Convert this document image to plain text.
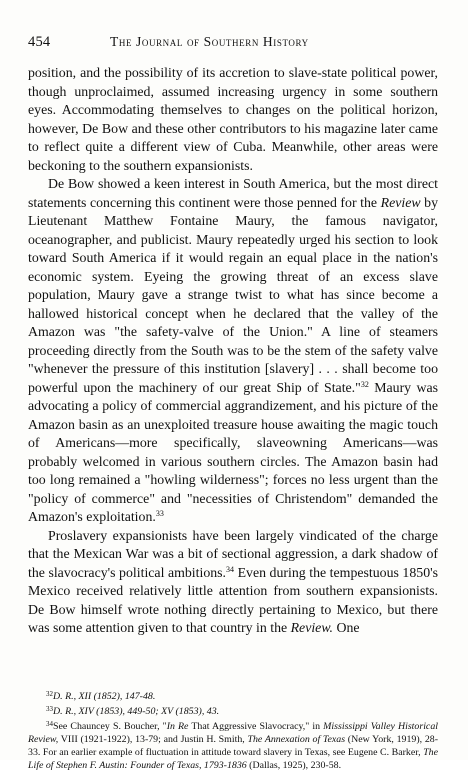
454	The Journal of Southern History

position, and the possibility of its accretion to slave-state political power, though unproclaimed, assumed increasing urgency in some southern eyes. Accommodating themselves to changes on the political horizon, however, De Bow and these other contributors to his magazine later came to reflect quite a different view of Cuba. Meanwhile, other areas were beckoning to the southern expansionists.

De Bow showed a keen interest in South America, but the most direct statements concerning this continent were those penned for the Review by Lieutenant Matthew Fontaine Maury, the famous navigator, oceanographer, and publicist. Maury repeatedly urged his section to look toward South America if it would regain an equal place in the nation's economic system. Eyeing the growing threat of an excess slave population, Maury gave a strange twist to what has since become a hallowed historical concept when he declared that the valley of the Amazon was "the safety-valve of the Union." A line of steamers proceeding directly from the South was to be the stem of the safety valve "whenever the pressure of this institution [slavery] . . . shall become too powerful upon the machinery of our great Ship of State."$^{32}$ Maury was advocating a policy of commercial aggrandizement, and his picture of the Amazon basin as an unexploited treasure house awaiting the magic touch of Americans—more specifically, slaveowning Americans—was probably welcomed in various southern circles. The Amazon basin had too long remained a "howling wilderness"; forces no less urgent than the "policy of commerce" and "necessities of Christendom" demanded the Amazon's exploitation.$^{33}$

Proslavery expansionists have been largely vindicated of the charge that the Mexican War was a bit of sectional aggression, a dark shadow of the slavocracy's political ambitions.$^{34}$ Even during the tempestuous 1850's Mexico received relatively little attention from southern expansionists. De Bow himself wrote nothing directly pertaining to Mexico, but there was some attention given to that country in the Review. One

$^{32}$D. R., XII (1852), 147-48.

$^{33}$D. R., XIV (1853), 449-50; XV (1853), 43.

$^{34}$See Chauncey S. Boucher, "In Re That Aggressive Slavocracy," in Mississippi Valley Historical Review, VIII (1921-1922), 13-79; and Justin H. Smith, The Annexation of Texas (New York, 1919), 28-33. For an earlier example of fluctuation in attitude toward slavery in Texas, see Eugene C. Barker, The Life of Stephen F. Austin: Founder of Texas, 1793-1836 (Dallas, 1925), 230-58.
